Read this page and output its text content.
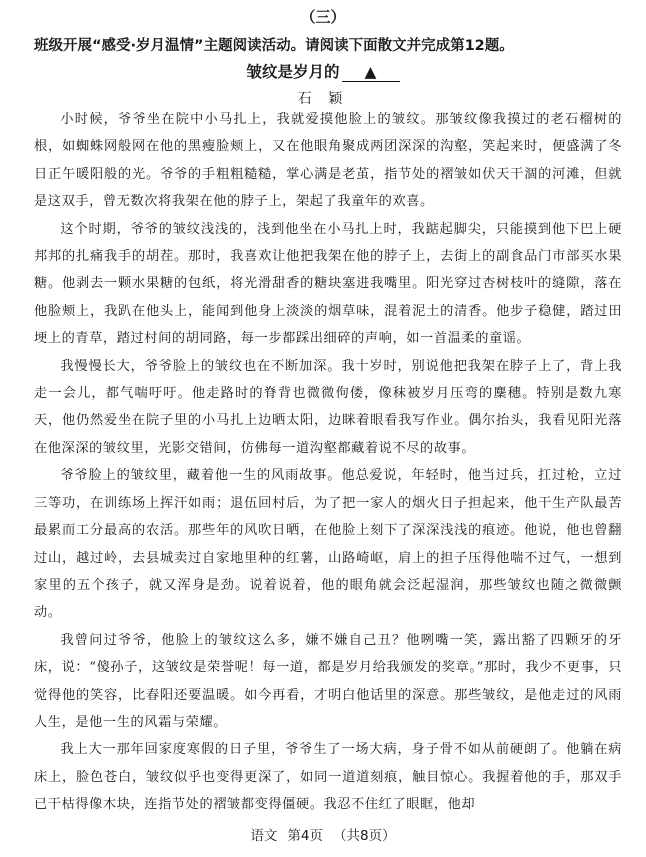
（三）
班级开展“感受·岁月温情”主题阅读活动。请阅读下面散文并完成第12题。
皱纹是岁月的 ▲
石 颖

小时候，爷爷坐在院中小马扎上，我就爱摸他脸上的皱纹。那皱纹像我摸过的老石榴树的根，如蜘蛛网般网在他的黑瘦脸颊上，又在他眼角聚成两团深深的沟壑，笑起来时，便盛满了冬日正午暖阳般的光。爷爷的手粗粗糙糙，掌心满是老茧，指节处的褶皱如伏天干涸的河滩，但就是这双手，曾无数次将我架在他的脖子上，架起了我童年的欢喜。

这个时期，爷爷的皱纹浅浅的，浅到他坐在小马扎上时，我踮起脚尖，只能摸到他下巴上硬邦邦的扎痛我手的胡茬。那时，我喜欢让他把我架在他的脖子上，去街上的副食品门市部买水果糖。他剥去一颗水果糖的包纸，将光滑甜香的糖块塞进我嘴里。阳光穿过杏树枝叶的缝隙，落在他脸颊上，我趴在他头上，能闻到他身上淡淡的烟草味，混着泥土的清香。他步子稳健，踏过田埂上的青草，踏过村间的胡同路，每一步都踩出细碎的声响，如一首温柔的童谣。

我慢慢长大，爷爷脸上的皱纹也在不断加深。我十岁时，别说他把我架在脖子上了，背上我走一会儿，都气喘吁吁。他走路时的脊背也微微佝偻，像秣被岁月压弯的麇穗。特别是数九寒天，他仍然爱坐在院子里的小马扎上边晒太阳，边眯着眼看我写作业。偶尔抬头，我看见阳光落在他深深的皱纹里，光影交错间，仿佛每一道沟壑都藏着说不尽的故事。

爷爷脸上的皱纹里，藏着他一生的风雨故事。他总爱说，年轻时，他当过兵，扛过枪，立过三等功，在训练场上挥汗如雨；退伍回村后，为了把一家人的烟火日子担起来，他干生产队最苦最累而工分最高的农活。那些年的风吹日晒，在他脸上刻下了深深浅浅的痕迹。他说，他也曾翻过山，越过岭，去县城卖过自家地里种的红薯，山路崎岖，肩上的担子压得他喘不过气，一想到家里的五个孩子，就又浑身是劲。说着说着，他的眼角就会泛起湿润，那些皱纹也随之微微颤动。

我曾问过爷爷，他脸上的皱纹这么多，嫌不嫌自己丑？他咧嘴一笑，露出豁了四颗牙的牙床，说：“傻孙子，这皱纹是荣誉呢！每一道，都是岁月给我颁发的奖章。”那时，我少不更事，只觉得他的笑容，比春阳还要温暖。如今再看，才明白他话里的深意。那些皱纹，是他走过的风雨人生，是他一生的风霜与荣耀。

我上大一那年回家度寒假的日子里，爷爷生了一场大病，身子骨不如从前硬朗了。他躺在病床上，脸色苍白，皱纹似乎也变得更深了，如同一道道刻痕，触目惊心。我握着他的手，那双手已干枯得像木块，连指节处的褶皱都变得僵硬。我忍不住红了眼眶，他却

语文 第4页 （共8页）
